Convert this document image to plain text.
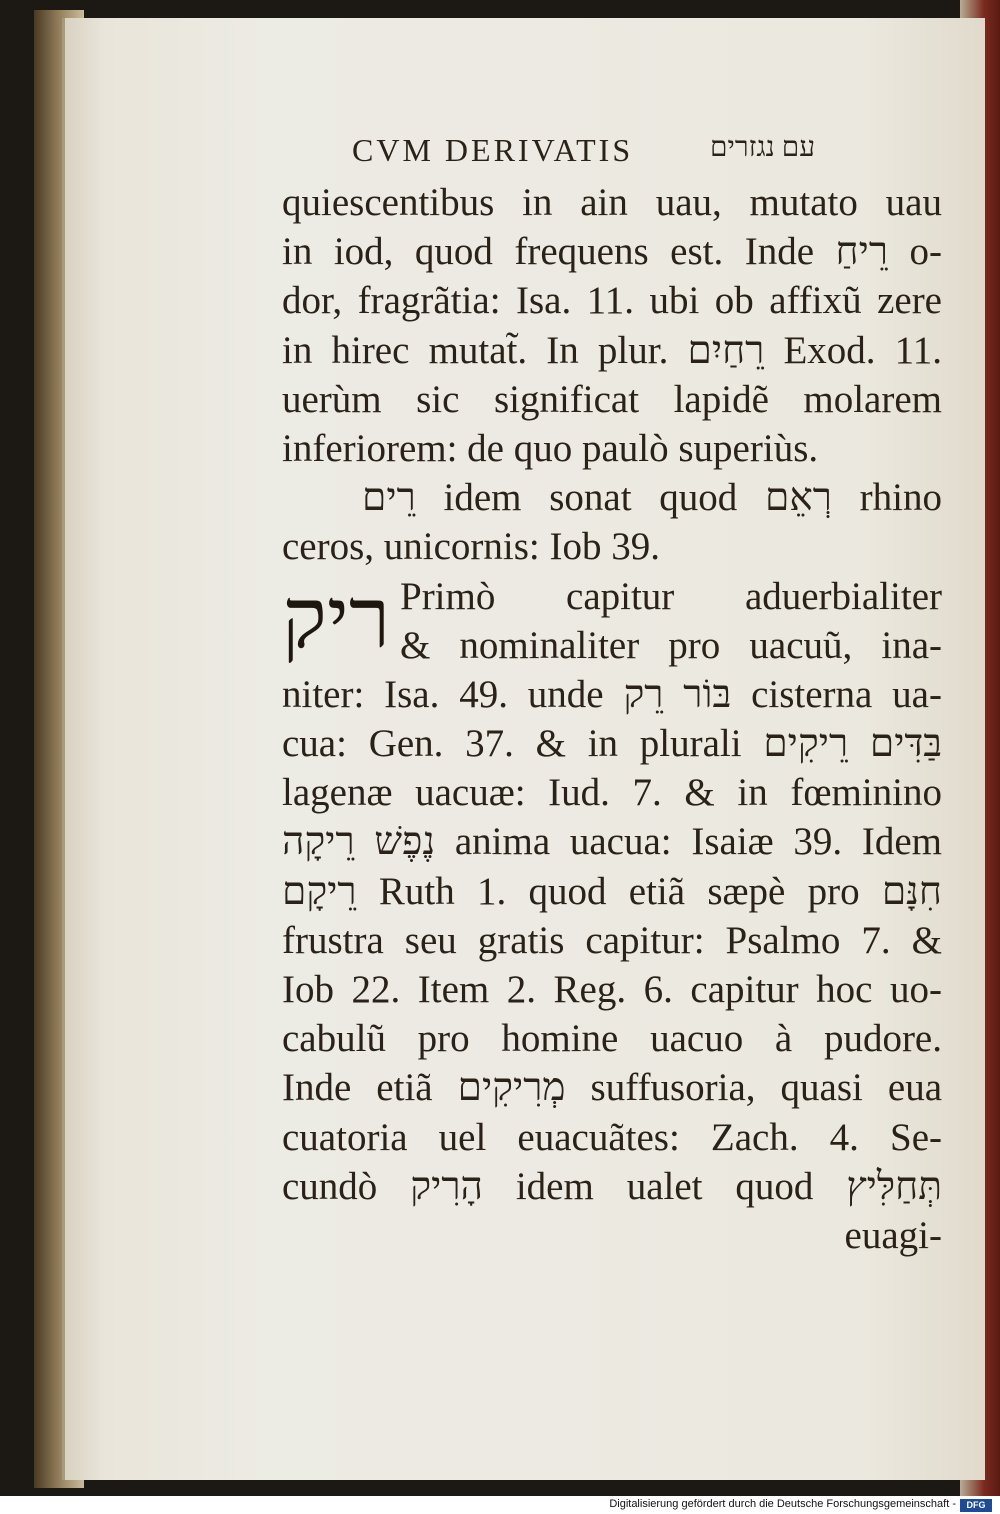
CVM DERIVATIS	עם נגזרים
ריק
quiescentibus in ain uau, mutato uau
in iod, quod frequens est. Inde רֵיחַ o-
dor, fragrãtia: Isa. 11. ubi ob affixũ zere
in hirec mutat̃. In plur. רֵחַיִם Exod. 11.
uerùm sic significat lapidẽ molarem
inferiorem: de quo paulò superiùs.
רֵים idem sonat quod רְאֵם rhino
ceros, unicornis: Iob 39.
Primò capitur aduerbialiter
& nominaliter pro uacuũ, ina-
niter: Isa. 49. unde בּוֹר רֵק cisterna ua-
cua: Gen. 37. & in plurali בַּדִּים רֵיקִים
lagenæ uacuæ: Iud. 7. & in fœminino
נֶפֶשׁ רֵיקָה anima uacua: Isaiæ 39. Idem
רֵיקָם Ruth 1. quod etiã sæpè pro חִנָּם
frustra seu gratis capitur: Psalmo 7. &
Iob 22. Item 2. Reg. 6. capitur hoc uo-
cabulũ pro homine uacuo à pudore.
Inde etiã מְרִיקִים suffusoria, quasi eua
cuatoria uel euacuãtes: Zach. 4. Se-
cundò הָרִיק idem ualet quod תְּחַלִּיץ
euagi-
Digitalisierung gefördert durch die Deutsche Forschungsgemeinschaft -	DFG
